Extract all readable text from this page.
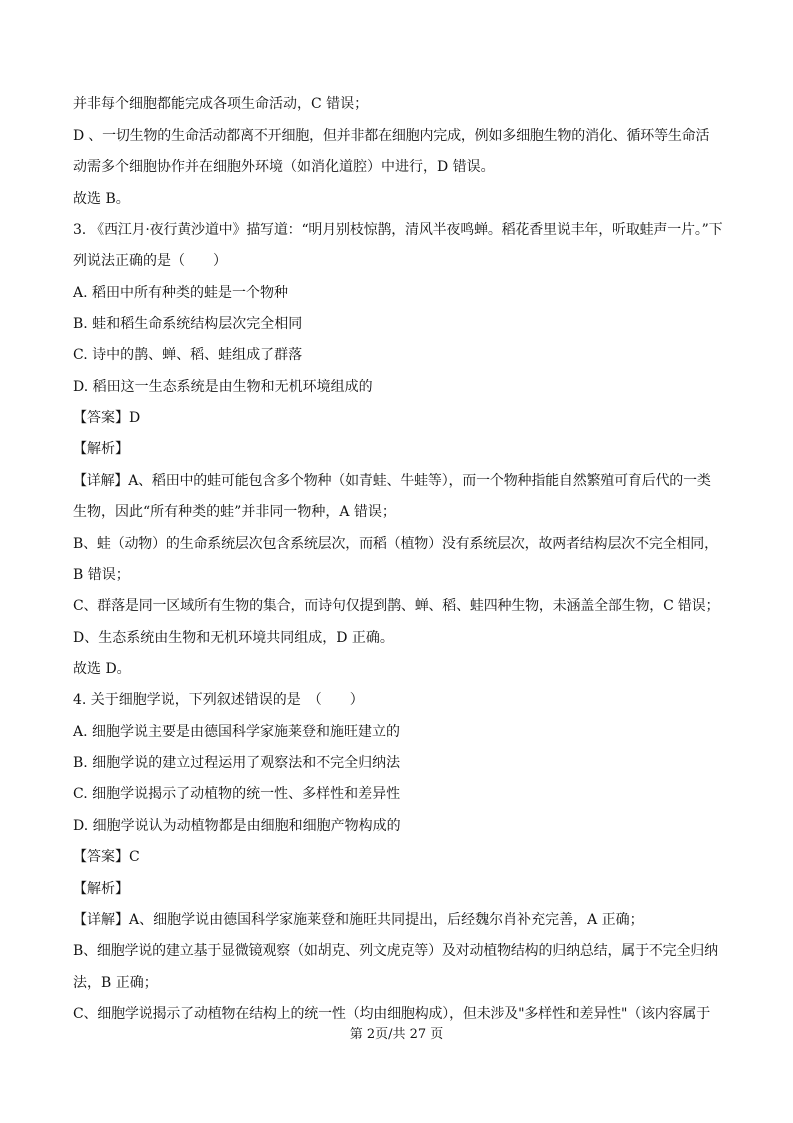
并非每个细胞都能完成各项生命活动，C 错误；
D 、一切生物的生命活动都离不开细胞，但并非都在细胞内完成，例如多细胞生物的消化、循环等生命活
动需多个细胞协作并在细胞外环境（如消化道腔）中进行，D 错误。
故选 B。
3. 《西江月·夜行黄沙道中》描写道：“明月别枝惊鹊，清风半夜鸣蝉。稻花香里说丰年，听取蛙声一片。”下
列说法正确的是（　　）
A. 稻田中所有种类的蛙是一个物种
B. 蛙和稻生命系统结构层次完全相同
C. 诗中的鹊、蝉、稻、蛙组成了群落
D. 稻田这一生态系统是由生物和无机环境组成的
【答案】D
【解析】
【详解】A、稻田中的蛙可能包含多个物种（如青蛙、牛蛙等），而一个物种指能自然繁殖可育后代的一类
生物，因此“所有种类的蛙”并非同一物种，A 错误；
B、蛙（动物）的生命系统层次包含系统层次，而稻（植物）没有系统层次，故两者结构层次不完全相同，
B 错误；
C、群落是同一区域所有生物的集合，而诗句仅提到鹊、蝉、稻、蛙四种生物，未涵盖全部生物，C 错误；
D、生态系统由生物和无机环境共同组成，D 正确。
故选 D。
4. 关于细胞学说，下列叙述错误的是　（　　）
A. 细胞学说主要是由德国科学家施莱登和施旺建立的
B. 细胞学说的建立过程运用了观察法和不完全归纳法
C. 细胞学说揭示了动植物的统一性、多样性和差异性
D. 细胞学说认为动植物都是由细胞和细胞产物构成的
【答案】C
【解析】
【详解】A、细胞学说由德国科学家施莱登和施旺共同提出，后经魏尔肖补充完善，A 正确；
B、细胞学说的建立基于显微镜观察（如胡克、列文虎克等）及对动植物结构的归纳总结，属于不完全归纳
法，B 正确；
C、细胞学说揭示了动植物在结构上的统一性（均由细胞构成），但未涉及"多样性和差异性"（该内容属于
第 2页/共 27 页
